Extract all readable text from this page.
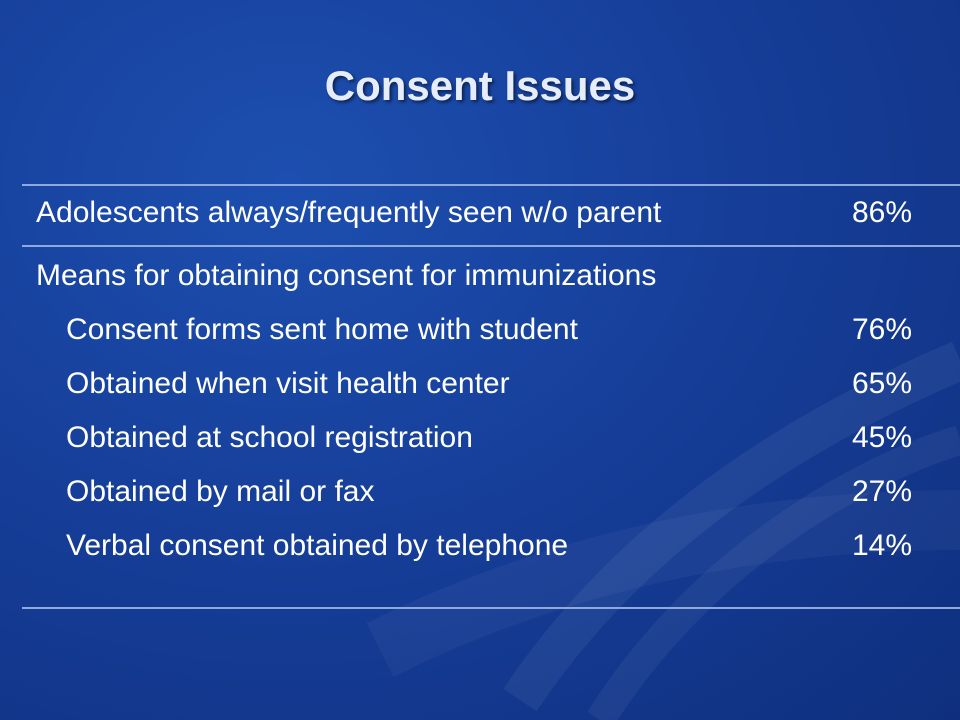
Consent Issues
Adolescents always/frequently seen w/o parent	86%
Means for obtaining consent for immunizations
Consent forms sent home with student	76%
Obtained when visit health center	65%
Obtained at school registration	45%
Obtained by mail or fax	27%
Verbal consent obtained by telephone	14%
